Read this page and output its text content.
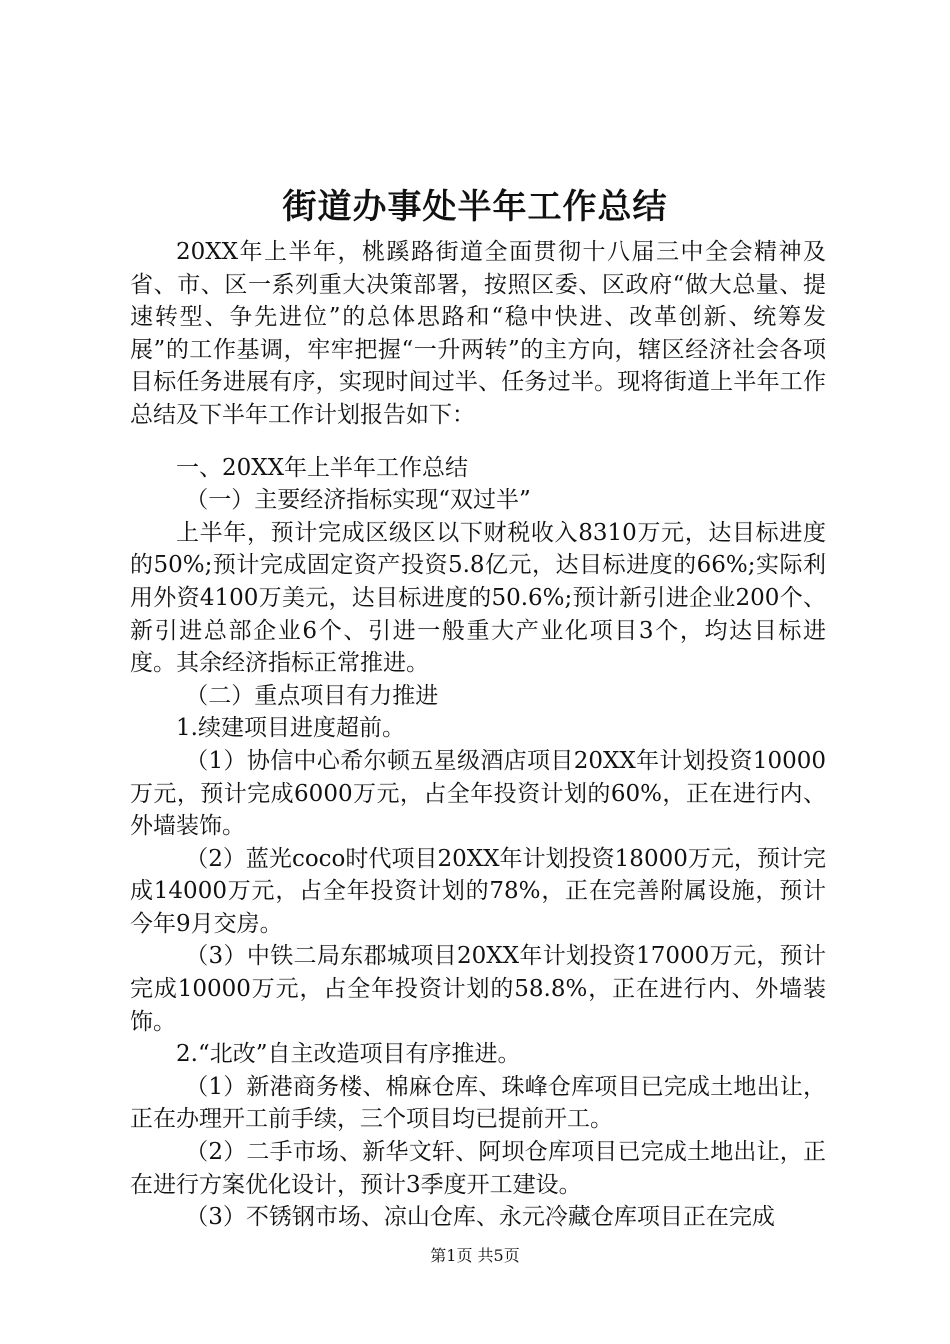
街道办事处半年工作总结

20XX年上半年，桃蹊路街道全面贯彻十八届三中全会精神及省、市、区一系列重大决策部署，按照区委、区政府“做大总量、提速转型、争先进位”的总体思路和“稳中快进、改革创新、统筹发展”的工作基调，牢牢把握“一升两转”的主方向，辖区经济社会各项目标任务进展有序，实现时间过半、任务过半。现将街道上半年工作总结及下半年工作计划报告如下：

一、20XX年上半年工作总结

（一）主要经济指标实现“双过半”

上半年，预计完成区级区以下财税收入8310万元，达目标进度的50%;预计完成固定资产投资5.8亿元，达目标进度的66%;实际利用外资4100万美元，达目标进度的50.6%;预计新引进企业200个、新引进总部企业6个、引进一般重大产业化项目3个，均达目标进度。其余经济指标正常推进。

（二）重点项目有力推进

1.续建项目进度超前。

（1）协信中心希尔顿五星级酒店项目20XX年计划投资10000万元，预计完成6000万元，占全年投资计划的60%，正在进行内、外墙装饰。

（2）蓝光coco时代项目20XX年计划投资18000万元，预计完成14000万元，占全年投资计划的78%，正在完善附属设施，预计今年9月交房。

（3）中铁二局东郡城项目20XX年计划投资17000万元，预计完成10000万元，占全年投资计划的58.8%，正在进行内、外墙装饰。

2.“北改”自主改造项目有序推进。

（1）新港商务楼、棉麻仓库、珠峰仓库项目已完成土地出让，正在办理开工前手续，三个项目均已提前开工。

（2）二手市场、新华文轩、阿坝仓库项目已完成土地出让，正在进行方案优化设计，预计3季度开工建设。

（3）不锈钢市场、凉山仓库、永元冷藏仓库项目正在完成

第1页 共5页
